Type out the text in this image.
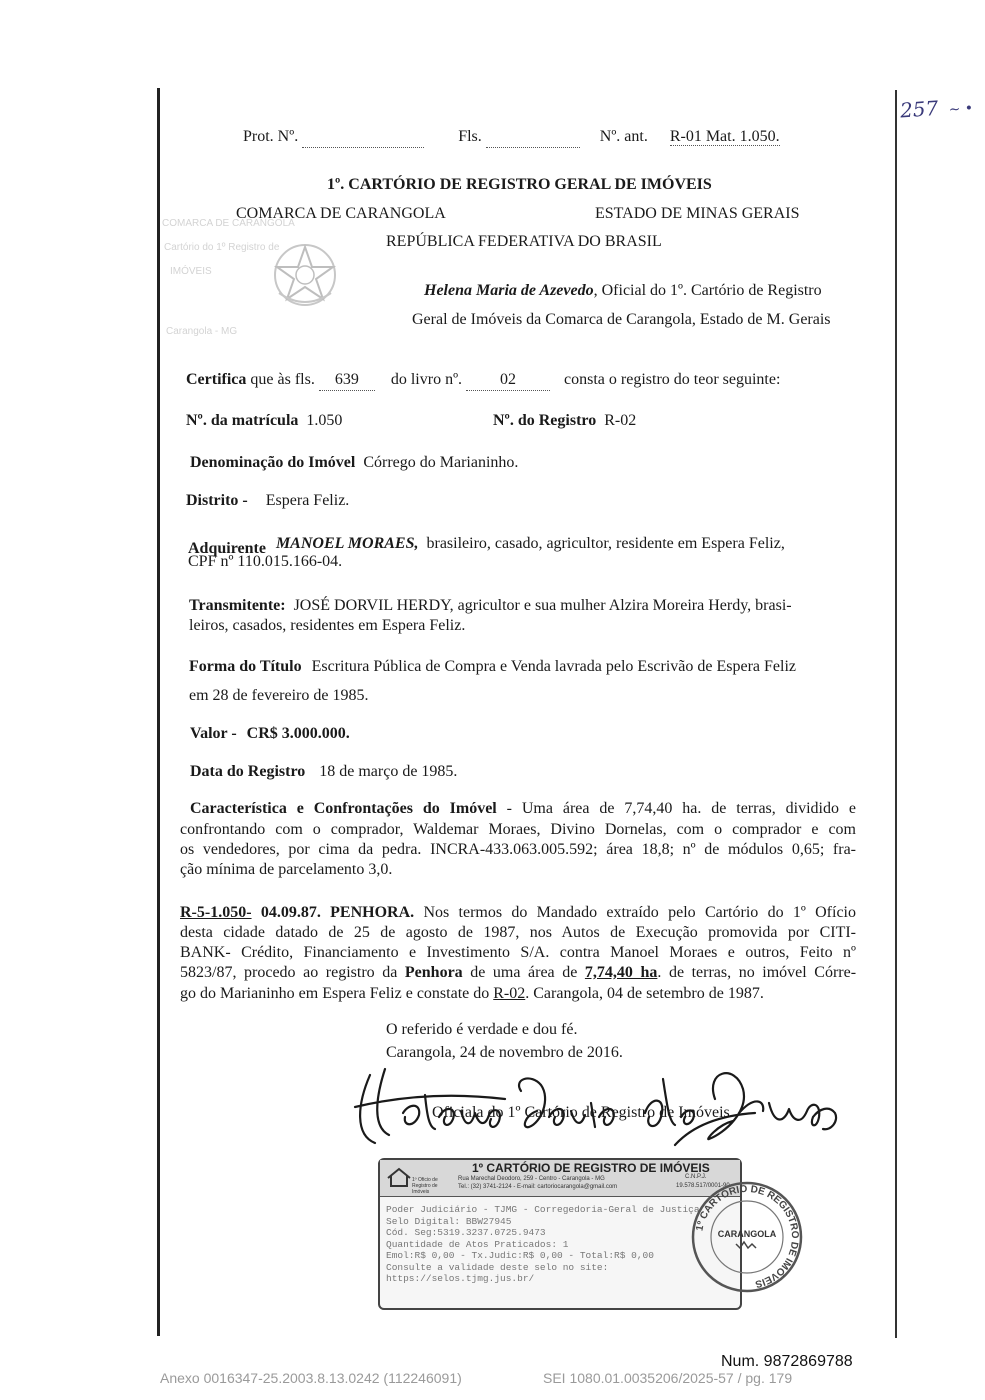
257 ~ •
Prot. Nº.	Fls.	Nº. ant. R-01 Mat. 1.050.
1º. CARTÓRIO DE REGISTRO GERAL DE IMÓVEIS
COMARCA DE CARANGOLA	ESTADO DE MINAS GERAIS
REPÚBLICA FEDERATIVA DO BRASIL
COMARCA DE CARANGOLA
Cartório do 1º Registro de
IMÓVEIS
Carangola - MG
Helena Maria de Azevedo, Oficial do 1º. Cartório de Registro
Geral de Imóveis da Comarca de Carangola, Estado de M. Gerais
Certifica que às fls. 639 do livro nº. 02	consta o registro do teor seguinte:
Nº. da matrícula 1.050	Nº. do Registro R-02
Denominação do Imóvel Córrego do Marianinho.
Distrito - Espera Feliz.
Adquirente MANOEL MORAES, brasileiro, casado, agricultor, residente em Espera Feliz,
CPF nº 110.015.166-04.
Transmitente: JOSÉ DORVIL HERDY, agricultor e sua mulher Alzira Moreira Herdy, brasi-
leiros, casados, residentes em Espera Feliz.
Forma do Título Escritura Pública de Compra e Venda lavrada pelo Escrivão de Espera Feliz
em 28 de fevereiro de 1985.
Valor - CR$ 3.000.000.
Data do Registro 18 de março de 1985.
Característica e Confrontações do Imóvel - Uma área de 7,74,40 ha. de terras, dividido e
confrontando com o comprador, Waldemar Moraes, Divino Dornelas, com o comprador e com
os vendedores, por cima da pedra. INCRA-433.063.005.592; área 18,8; nº de módulos 0,65; fra-
ção mínima de parcelamento 3,0.
R-5-1.050- 04.09.87. PENHORA. Nos termos do Mandado extraído pelo Cartório do 1º Ofício
desta cidade datado de 25 de agosto de 1987, nos Autos de Execução promovida por CITI-
BANK- Crédito, Financiamento e Investimento S/A. contra Manoel Moraes e outros, Feito nº
5823/87, procedo ao registro da Penhora de uma área de 7,74,40 ha. de terras, no imóvel Córre-
go do Marianinho em Espera Feliz e constate do R-02. Carangola, 04 de setembro de 1987.
O referido é verdade e dou fé.
Carangola, 24 de novembro de 2016.
Oficiala do 1º Cartório de Registro de Imóveis
1º Oficio de Registro de Imóveis
1º CARTÓRIO DE REGISTRO DE IMÓVEIS
Rua Marechal Deodoro, 259 - Centro - Carangola - MG
Tel.: (32) 3741-2124 - E-mail: cartoriocarangola@gmail.com
C.N.P.J.
19.578.517/0001-90
Poder Judiciário - TJMG - Corregedoria-Geral de Justiça
Selo Digital: BBW27945
Cód. Seg:5319.3237.0725.9473
Quantidade de Atos Praticados: 1
Emol:R$ 0,00 - Tx.Judic:R$ 0,00 - Total:R$ 0,00
Consulte a validade deste selo no site:
https://selos.tjmg.jus.br/
1º CARTÓRIO DE REGISTRO DE IMÓVEIS
CARANGOLA
Num. 9872869788
Anexo 0016347-25.2003.8.13.0242 (112246091)	SEI 1080.01.0035206/2025-57 / pg. 179
